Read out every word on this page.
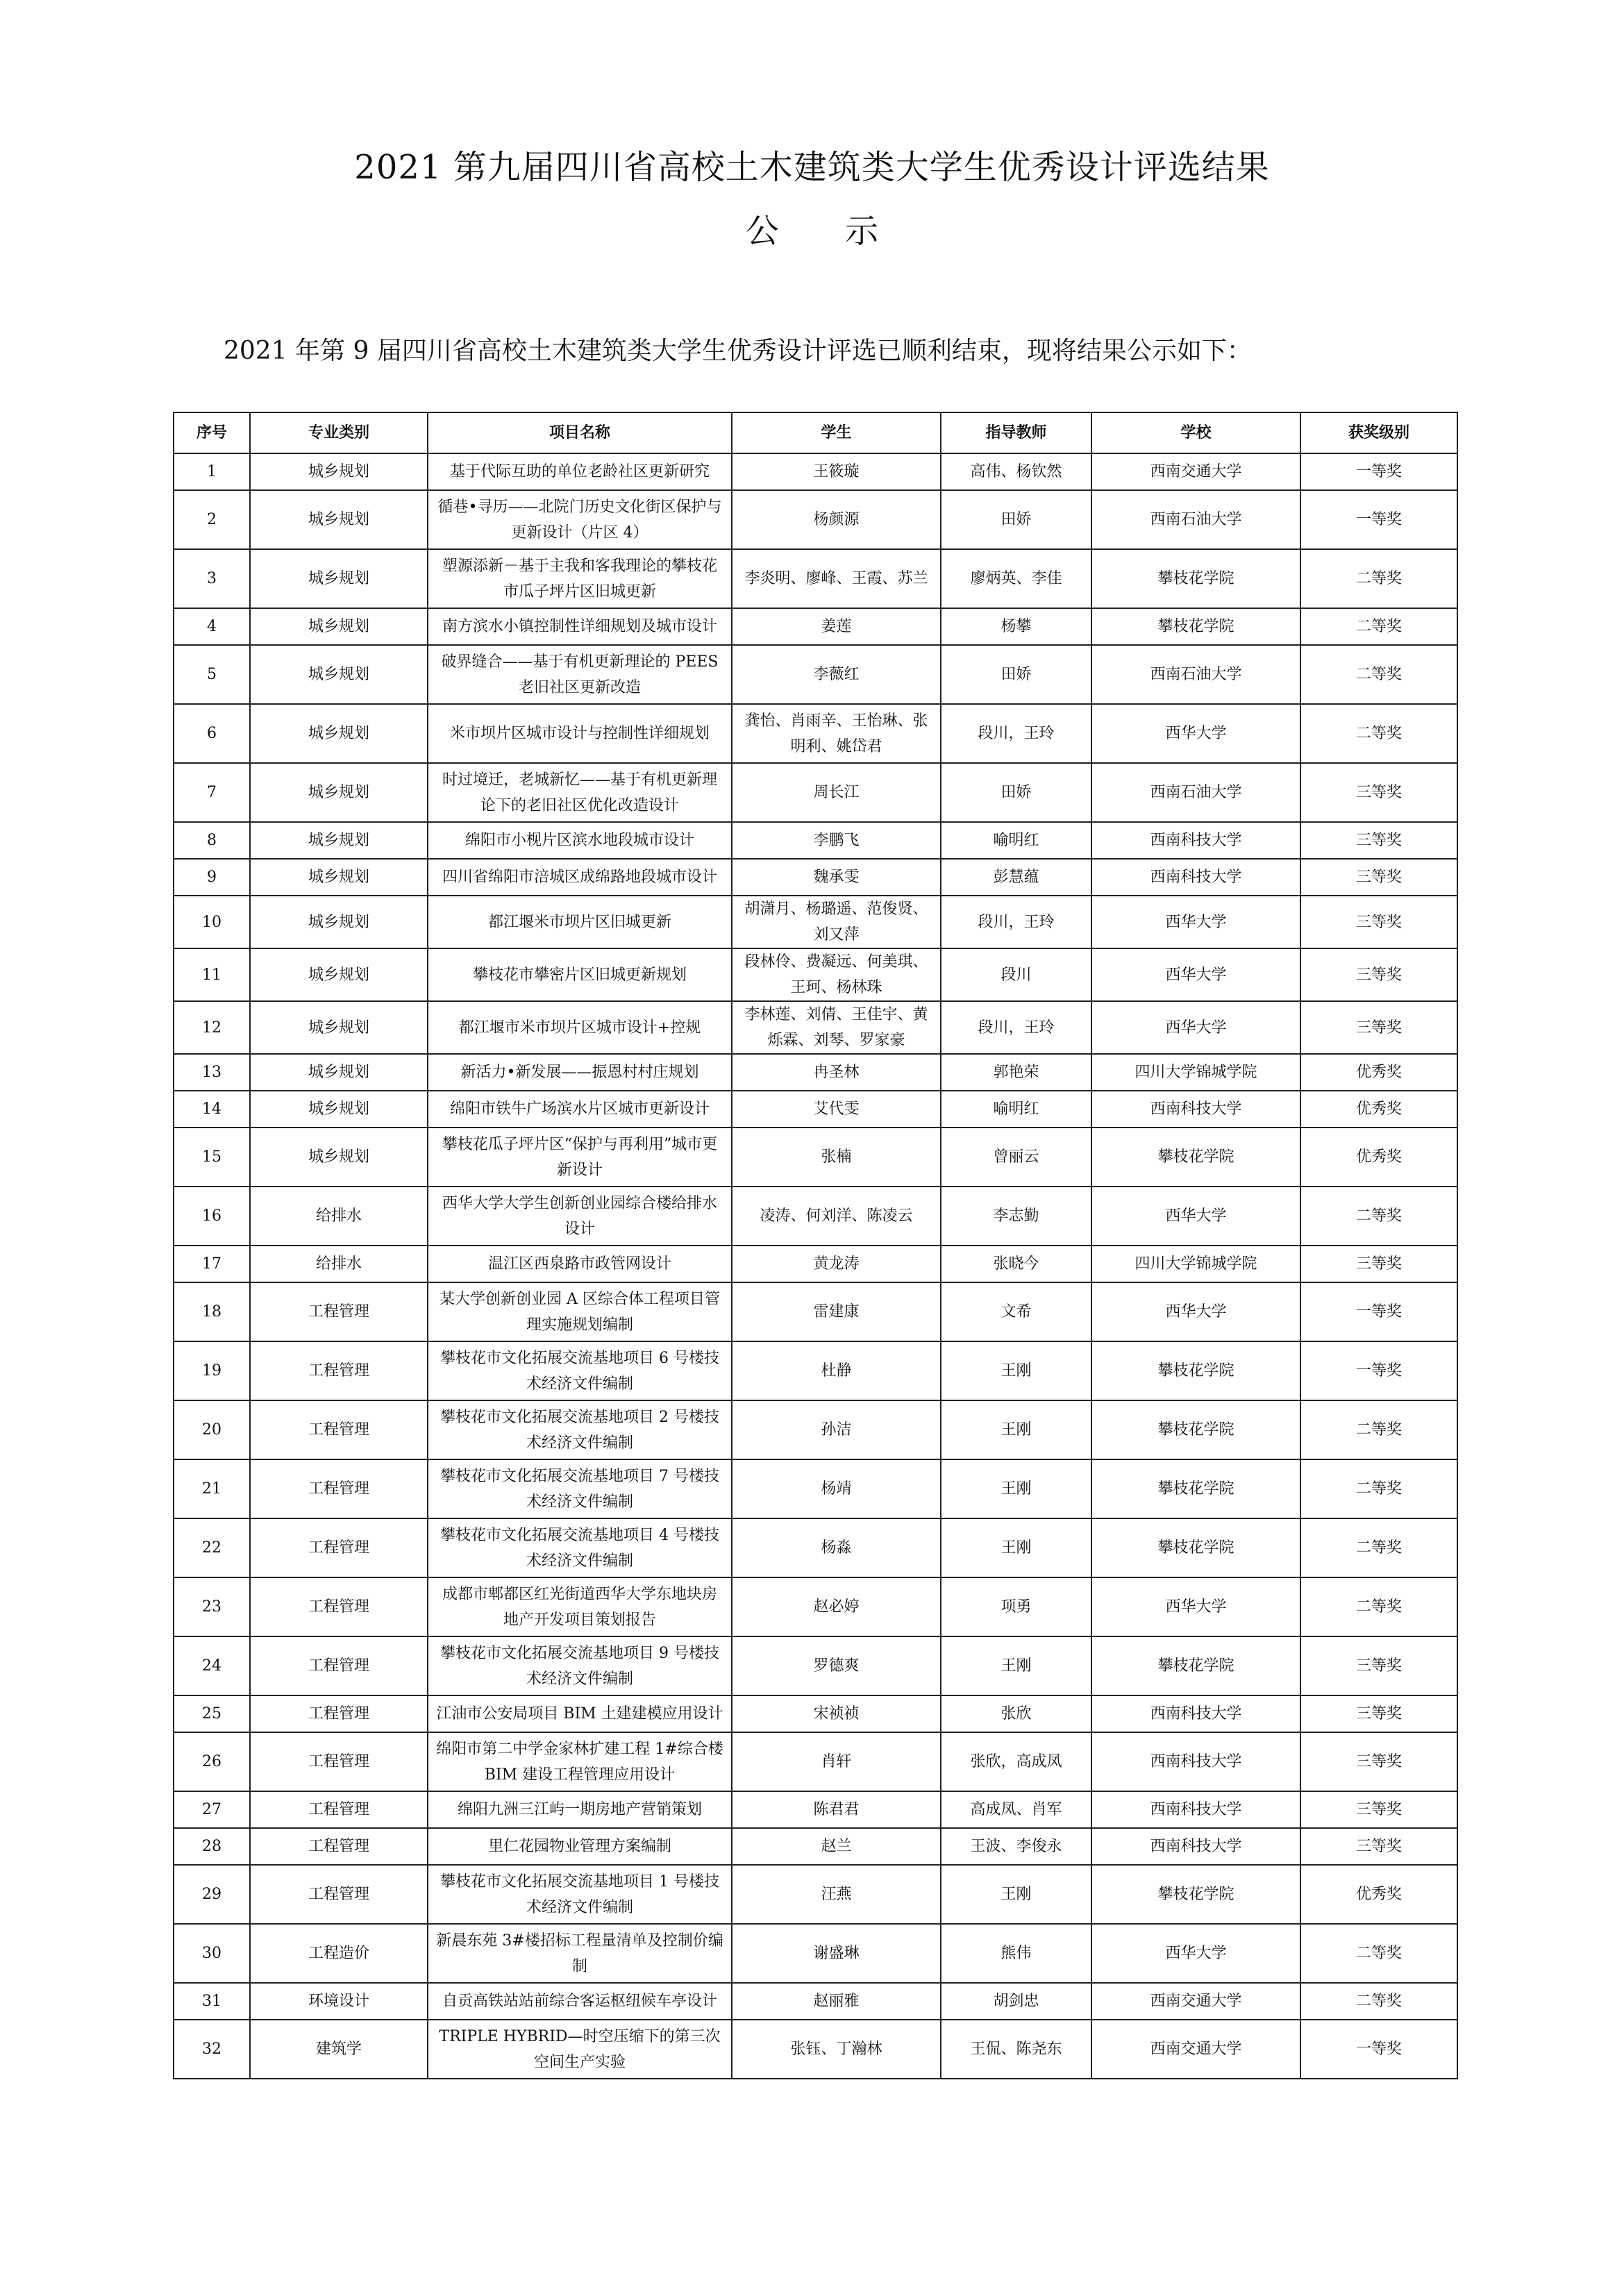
2021 第九届四川省高校土木建筑类大学生优秀设计评选结果
公 示
2021 年第 9 届四川省高校土木建筑类大学生优秀设计评选已顺利结束，现将结果公示如下：
序号	专业类别	项目名称	学生	指导教师	学校	获奖级别
1	城乡规划	基于代际互助的单位老龄社区更新研究	王筱璇	高伟、杨钦然	西南交通大学	一等奖
2	城乡规划	循巷•寻历——北院门历史文化街区保护与更新设计（片区 4）	杨颜源	田娇	西南石油大学	一等奖
3	城乡规划	塑源添新－基于主我和客我理论的攀枝花市瓜子坪片区旧城更新	李炎明、廖峰、王霞、苏兰	廖炳英、李佳	攀枝花学院	二等奖
4	城乡规划	南方滨水小镇控制性详细规划及城市设计	姜莲	杨攀	攀枝花学院	二等奖
5	城乡规划	破界缝合——基于有机更新理论的 PEES 老旧社区更新改造	李薇红	田娇	西南石油大学	二等奖
6	城乡规划	米市坝片区城市设计与控制性详细规划	龚怡、肖雨辛、王怡琳、张明利、姚岱君	段川，王玲	西华大学	二等奖
7	城乡规划	时过境迁，老城新忆——基于有机更新理论下的老旧社区优化改造设计	周长江	田娇	西南石油大学	三等奖
8	城乡规划	绵阳市小枧片区滨水地段城市设计	李鹏飞	喻明红	西南科技大学	三等奖
9	城乡规划	四川省绵阳市涪城区成绵路地段城市设计	魏承雯	彭慧蕴	西南科技大学	三等奖
10	城乡规划	都江堰米市坝片区旧城更新	胡潇月、杨璐遥、范俊贤、刘又萍	段川，王玲	西华大学	三等奖
11	城乡规划	攀枝花市攀密片区旧城更新规划	段林伶、费凝远、何美琪、王珂、杨林珠	段川	西华大学	三等奖
12	城乡规划	都江堰市米市坝片区城市设计+控规	李林莲、刘倩、王佳宇、黄烁霖、刘琴、罗家豪	段川，王玲	西华大学	三等奖
13	城乡规划	新活力•新发展——振恩村村庄规划	冉圣林	郭艳荣	四川大学锦城学院	优秀奖
14	城乡规划	绵阳市铁牛广场滨水片区城市更新设计	艾代雯	喻明红	西南科技大学	优秀奖
15	城乡规划	攀枝花瓜子坪片区“保护与再利用”城市更新设计	张楠	曾丽云	攀枝花学院	优秀奖
16	给排水	西华大学大学生创新创业园综合楼给排水设计	凌涛、何刘洋、陈凌云	李志勤	西华大学	二等奖
17	给排水	温江区西泉路市政管网设计	黄龙涛	张晓今	四川大学锦城学院	三等奖
18	工程管理	某大学创新创业园 A 区综合体工程项目管理实施规划编制	雷建康	文希	西华大学	一等奖
19	工程管理	攀枝花市文化拓展交流基地项目 6 号楼技术经济文件编制	杜静	王刚	攀枝花学院	一等奖
20	工程管理	攀枝花市文化拓展交流基地项目 2 号楼技术经济文件编制	孙洁	王刚	攀枝花学院	二等奖
21	工程管理	攀枝花市文化拓展交流基地项目 7 号楼技术经济文件编制	杨靖	王刚	攀枝花学院	二等奖
22	工程管理	攀枝花市文化拓展交流基地项目 4 号楼技术经济文件编制	杨淼	王刚	攀枝花学院	二等奖
23	工程管理	成都市郫都区红光街道西华大学东地块房地产开发项目策划报告	赵必婷	项勇	西华大学	二等奖
24	工程管理	攀枝花市文化拓展交流基地项目 9 号楼技术经济文件编制	罗德爽	王刚	攀枝花学院	三等奖
25	工程管理	江油市公安局项目 BIM 土建建模应用设计	宋祯祯	张欣	西南科技大学	三等奖
26	工程管理	绵阳市第二中学金家林扩建工程 1#综合楼 BIM 建设工程管理应用设计	肖轩	张欣，高成凤	西南科技大学	三等奖
27	工程管理	绵阳九洲三江屿一期房地产营销策划	陈君君	高成凤、肖军	西南科技大学	三等奖
28	工程管理	里仁花园物业管理方案编制	赵兰	王波、李俊永	西南科技大学	三等奖
29	工程管理	攀枝花市文化拓展交流基地项目 1 号楼技术经济文件编制	汪燕	王刚	攀枝花学院	优秀奖
30	工程造价	新晨东苑 3#楼招标工程量清单及控制价编制	谢盛琳	熊伟	西华大学	二等奖
31	环境设计	自贡高铁站站前综合客运枢纽候车亭设计	赵丽雅	胡剑忠	西南交通大学	二等奖
32	建筑学	TRIPLE HYBRID—时空压缩下的第三次空间生产实验	张钰、丁瀚林	王侃、陈尧东	西南交通大学	一等奖
